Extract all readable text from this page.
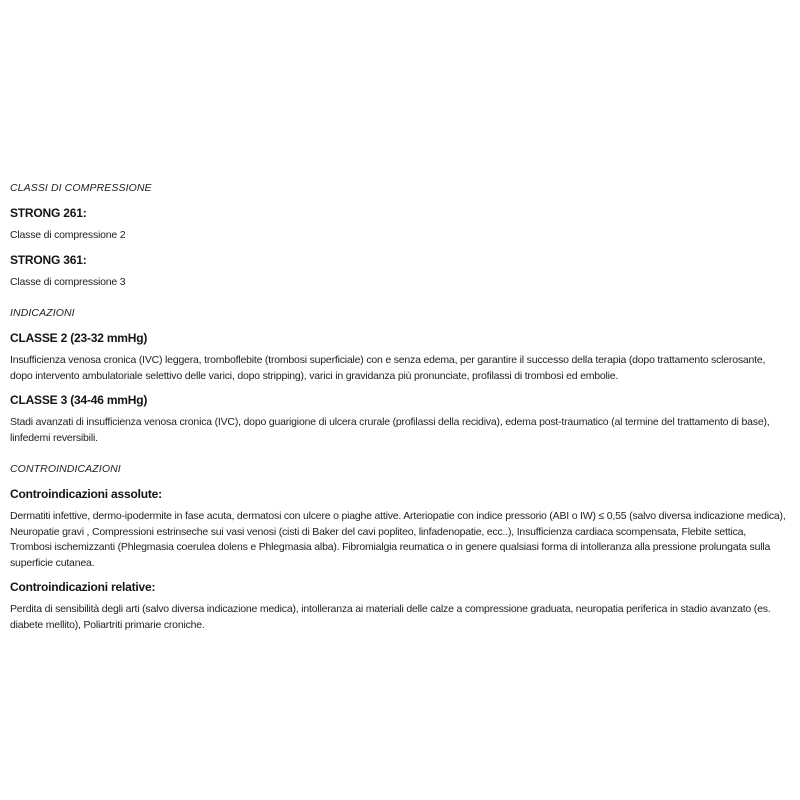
CLASSI DI COMPRESSIONE

STRONG 261:

Classe di compressione 2

STRONG 361:

Classe di compressione 3

INDICAZIONI

CLASSE 2 (23-32 mmHg)

Insufficienza venosa cronica (IVC) leggera, tromboflebite (trombosi superficiale) con e senza edema, per garantire il successo della terapia (dopo trattamento sclerosante, dopo intervento ambulatoriale selettivo delle varici, dopo stripping), varici in gravidanza più pronunciate, profilassi di trombosi ed embolie.

CLASSE 3 (34-46 mmHg)

Stadi avanzati di insufficienza venosa cronica (IVC), dopo guarigione di ulcera crurale (profilassi della recidiva), edema post-traumatico (al termine del trattamento di base), linfedemi reversibili.

CONTROINDICAZIONI

Controindicazioni assolute:

Dermatiti infettive, dermo-ipodermite in fase acuta, dermatosi con ulcere o piaghe attive. Arteriopatie con indice pressorio (ABI o IW) ≤ 0,55 (salvo diversa indicazione medica), Neuropatie gravi , Compressioni estrinseche sui vasi venosi (cisti di Baker del cavi popliteo, linfadenopatie, ecc..), Insufficienza cardiaca scompensata, Flebite settica, Trombosi ischemizzanti (Phlegmasia coerulea dolens e Phlegmasia alba). Fibromialgia reumatica o in genere qualsiasi forma di intolleranza alla pressione prolungata sulla superficie cutanea.

Controindicazioni relative:

Perdita di sensibilità degli arti (salvo diversa indicazione medica), intolleranza ai materiali delle calze a compressione graduata, neuropatia periferica in stadio avanzato (es. diabete mellito), Poliartriti primarie croniche.
